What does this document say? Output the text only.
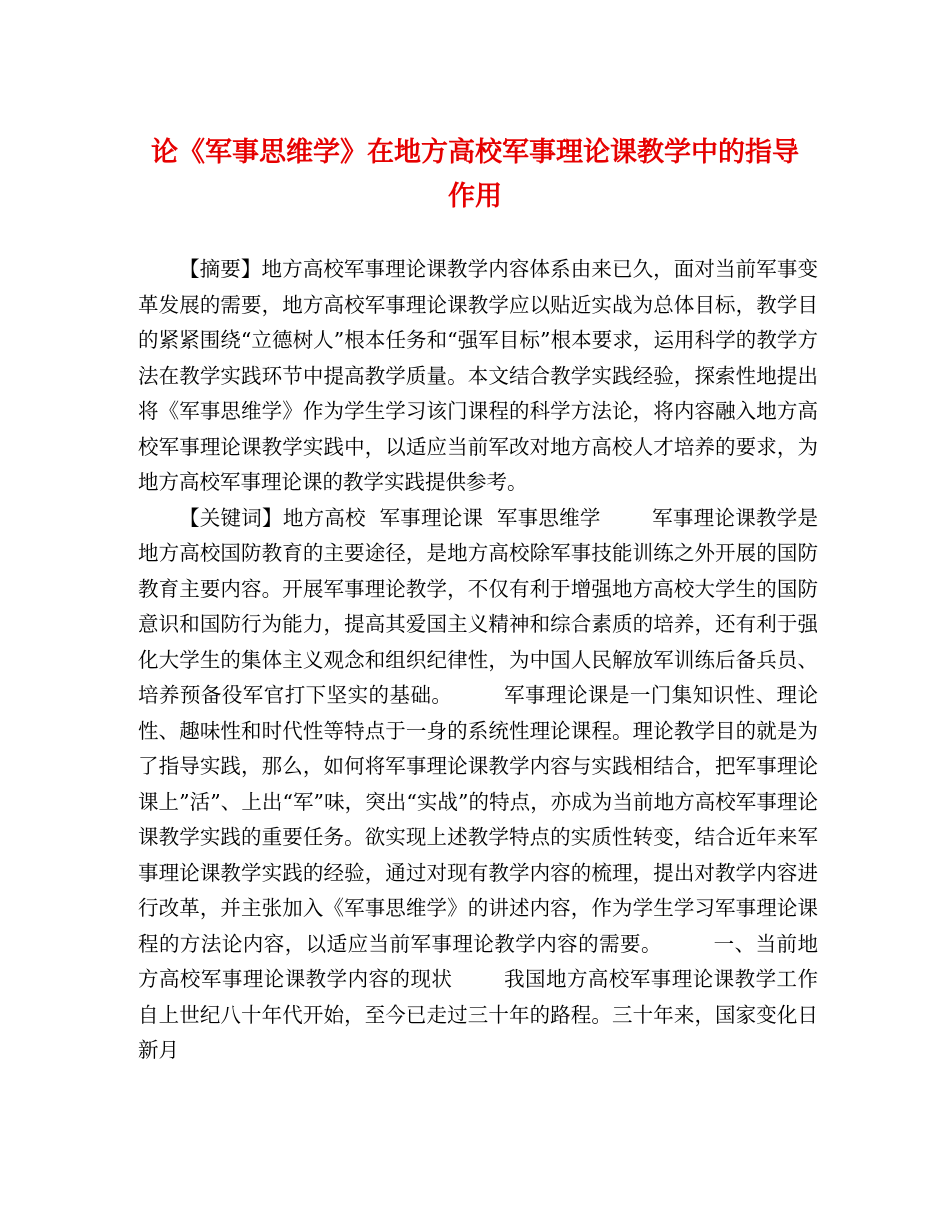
论《军事思维学》在地方高校军事理论课教学中的指导
作用

【摘要】地方高校军事理论课教学内容体系由来已久，面对当前军事变革发展的需要，地方高校军事理论课教学应以贴近实战为总体目标，教学目的紧紧围绕“立德树人”根本任务和“强军目标”根本要求，运用科学的教学方法在教学实践环节中提高教学质量。本文结合教学实践经验，探索性地提出将《军事思维学》作为学生学习该门课程的科学方法论，将内容融入地方高校军事理论课教学实践中，以适应当前军改对地方高校人才培养的要求，为地方高校军事理论课的教学实践提供参考。

【关键词】地方高校  军事理论课  军事思维学	军事理论课教学是地方高校国防教育的主要途径，是地方高校除军事技能训练之外开展的国防教育主要内容。开展军事理论教学，不仅有利于增强地方高校大学生的国防意识和国防行为能力，提高其爱国主义精神和综合素质的培养，还有利于强化大学生的集体主义观念和组织纪律性，为中国人民解放军训练后备兵员、培养预备役军官打下坚实的基础。	军事理论课是一门集知识性、理论性、趣味性和时代性等特点于一身的系统性理论课程。理论教学目的就是为了指导实践，那么，如何将军事理论课教学内容与实践相结合，把军事理论课上”活”、上出“军”味，突出“实战”的特点，亦成为当前地方高校军事理论课教学实践的重要任务。欲实现上述教学特点的实质性转变，结合近年来军事理论课教学实践的经验，通过对现有教学内容的梳理，提出对教学内容进行改革，并主张加入《军事思维学》的讲述内容，作为学生学习军事理论课程的方法论内容，以适应当前军事理论教学内容的需要。	一、当前地方高校军事理论课教学内容的现状	我国地方高校军事理论课教学工作自上世纪八十年代开始，至今已走过三十年的路程。三十年来，国家变化日新月
